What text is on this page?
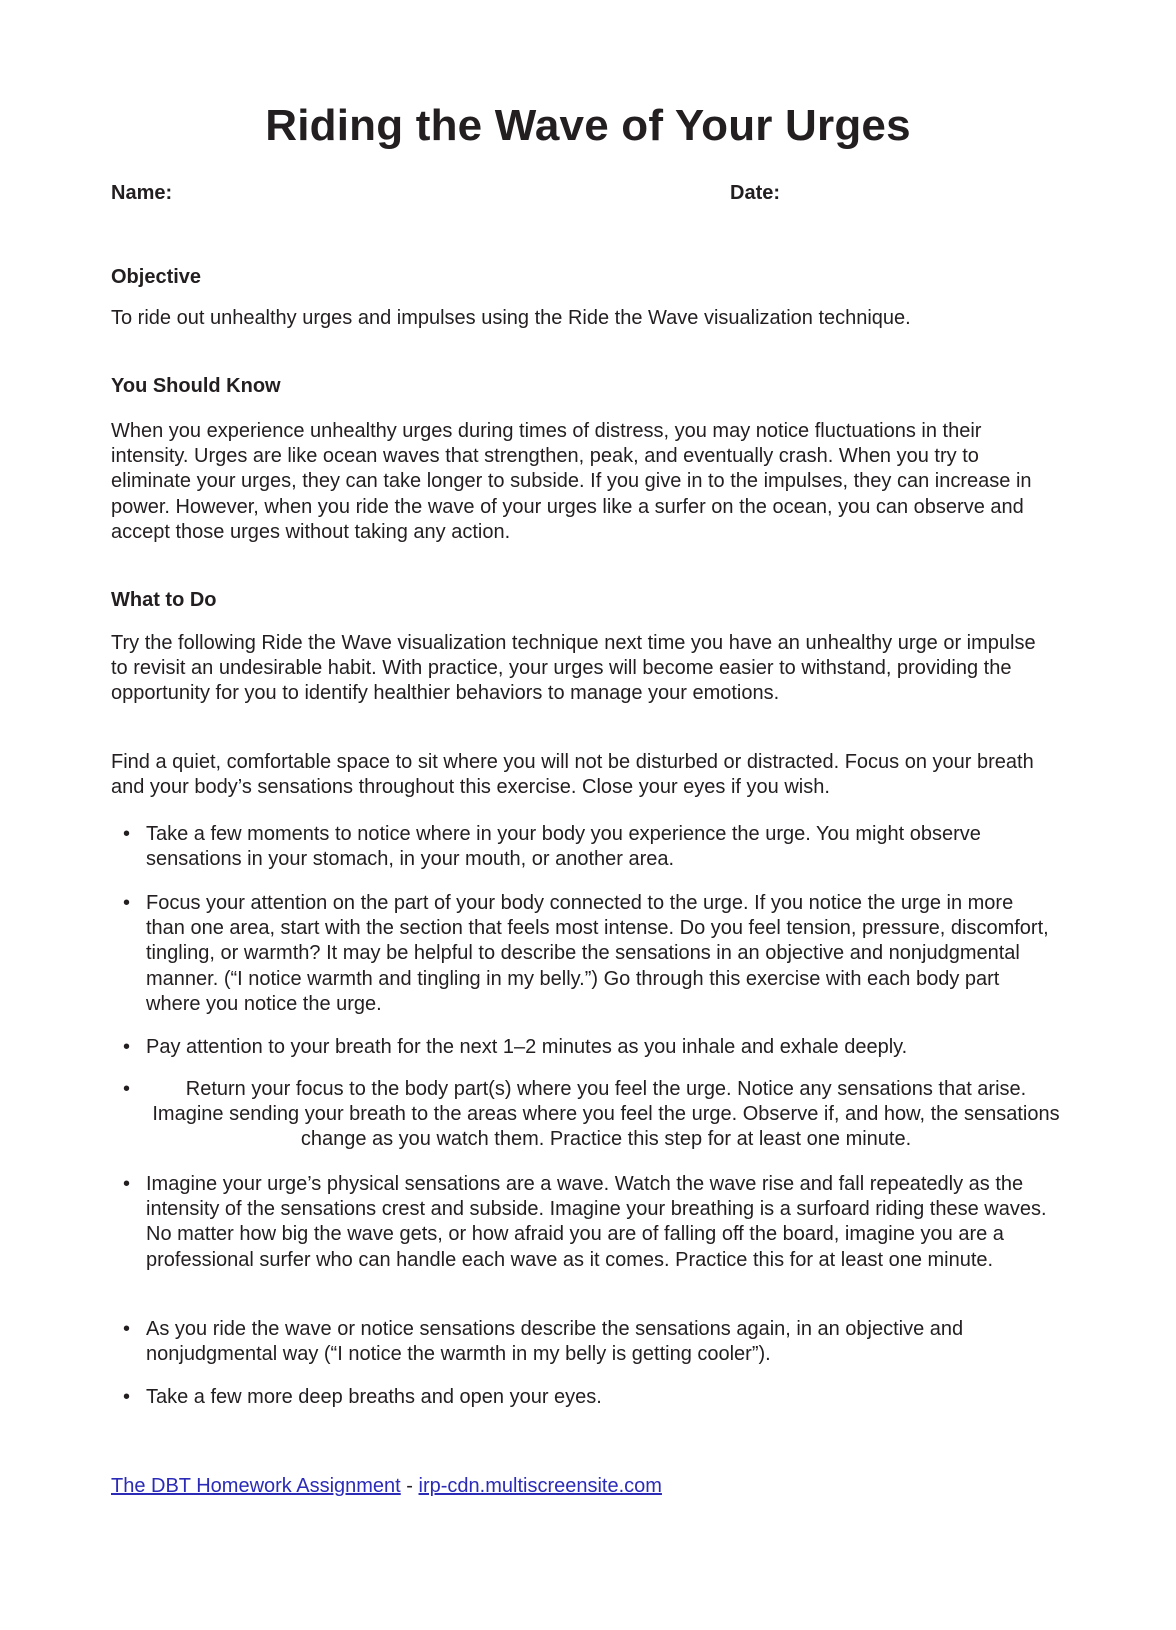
Riding the Wave of Your Urges
Name:	Date:
Objective

To ride out unhealthy urges and impulses using the Ride the Wave visualization technique.

You Should Know

When you experience unhealthy urges during times of distress, you may notice fluctuations in their intensity. Urges are like ocean waves that strengthen, peak, and eventually crash. When you try to eliminate your urges, they can take longer to subside. If you give in to the impulses, they can increase in power. However, when you ride the wave of your urges like a surfer on the ocean, you can observe and accept those urges without taking any action.

What to Do

Try the following Ride the Wave visualization technique next time you have an unhealthy urge or impulse to revisit an undesirable habit. With practice, your urges will become easier to withstand, providing the opportunity for you to identify healthier behaviors to manage your emotions.

Find a quiet, comfortable space to sit where you will not be disturbed or distracted. Focus on your breath and your body’s sensations throughout this exercise. Close your eyes if you wish.

• Take a few moments to notice where in your body you experience the urge. You might observe sensations in your stomach, in your mouth, or another area.
• Focus your attention on the part of your body connected to the urge. If you notice the urge in more than one area, start with the section that feels most intense. Do you feel tension, pressure, discomfort, tingling, or warmth? It may be helpful to describe the sensations in an objective and nonjudgmental manner. (“I notice warmth and tingling in my belly.”) Go through this exercise with each body part where you notice the urge.
• Pay attention to your breath for the next 1–2 minutes as you inhale and exhale deeply.
•	Return your focus to the body part(s) where you feel the urge. Notice any sensations that arise. Imagine sending your breath to the areas where you feel the urge. Observe if, and how, the sensations change as you watch them. Practice this step for at least one minute.
• Imagine your urge’s physical sensations are a wave. Watch the wave rise and fall repeatedly as the intensity of the sensations crest and subside. Imagine your breathing is a surfoard riding these waves. No matter how big the wave gets, or how afraid you are of falling off the board, imagine you are a professional surfer who can handle each wave as it comes. Practice this for at least one minute.
• As you ride the wave or notice sensations describe the sensations again, in an objective and nonjudgmental way (“I notice the warmth in my belly is getting cooler”).
• Take a few more deep breaths and open your eyes.
The DBT Homework Assignment - irp-cdn.multiscreensite.com
